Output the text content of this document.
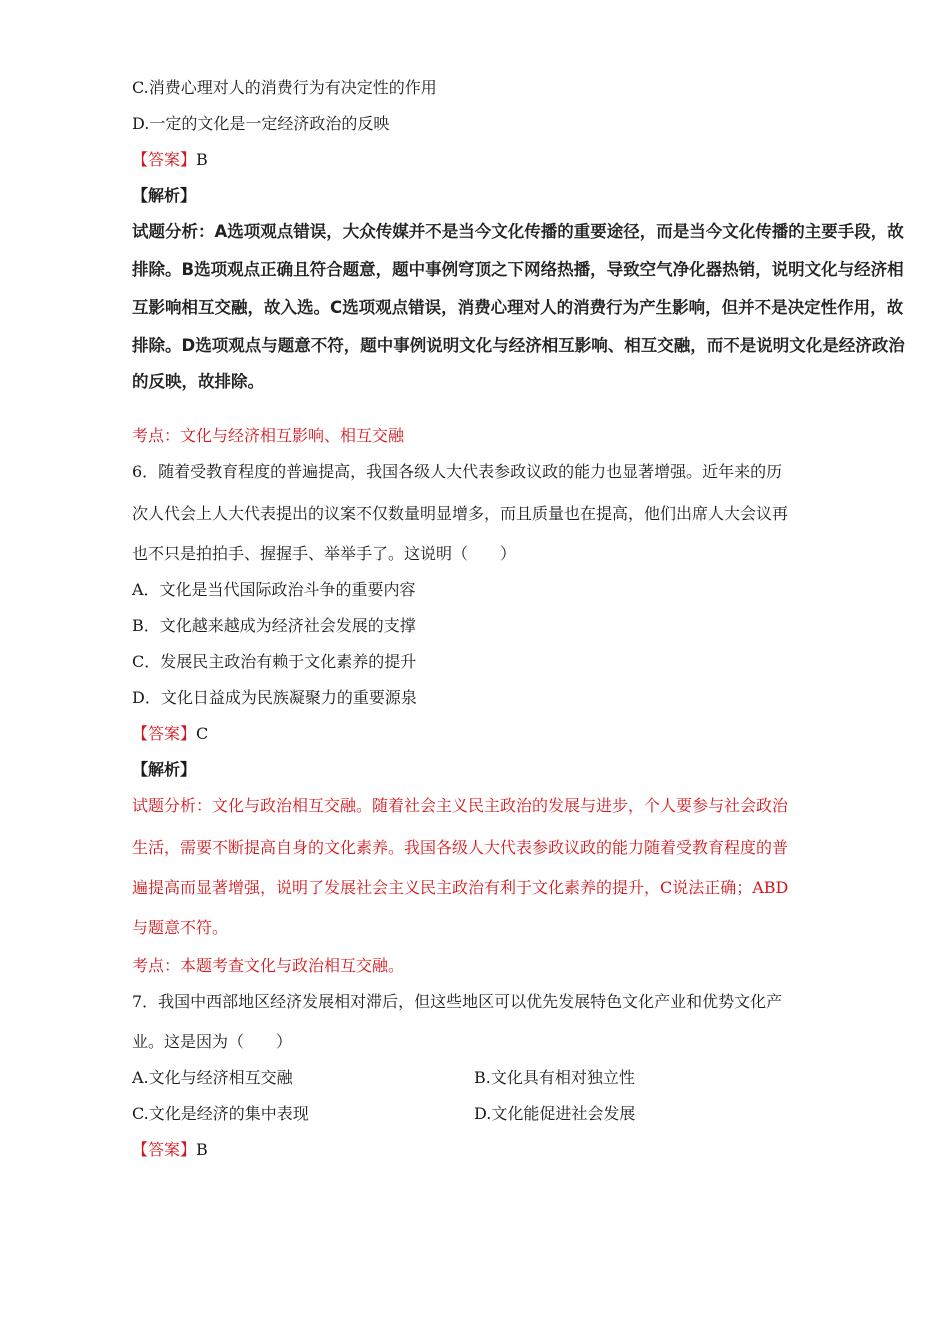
C.消费心理对人的消费行为有决定性的作用
D.一定的文化是一定经济政治的反映
【答案】B
【解析】
试题分析：A选项观点错误，大众传媒并不是当今文化传播的重要途径，而是当今文化传播的主要手段，故
排除。B选项观点正确且符合题意，题中事例穹顶之下网络热播，导致空气净化器热销，说明文化与经济相
互影响相互交融，故入选。C选项观点错误，消费心理对人的消费行为产生影响，但并不是决定性作用，故
排除。D选项观点与题意不符，题中事例说明文化与经济相互影响、相互交融，而不是说明文化是经济政治
的反映，故排除。
考点：文化与经济相互影响、相互交融
6．随着受教育程度的普遍提高，我国各级人大代表参政议政的能力也显著增强。近年来的历
次人代会上人大代表提出的议案不仅数量明显增多，而且质量也在提高，他们出席人大会议再
也不只是拍拍手、握握手、举举手了。这说明（　　）
A．文化是当代国际政治斗争的重要内容
B．文化越来越成为经济社会发展的支撑
C．发展民主政治有赖于文化素养的提升
D．文化日益成为民族凝聚力的重要源泉
【答案】C
【解析】
试题分析：文化与政治相互交融。随着社会主义民主政治的发展与进步，个人要参与社会政治
生活，需要不断提高自身的文化素养。我国各级人大代表参政议政的能力随着受教育程度的普
遍提高而显著增强，说明了发展社会主义民主政治有利于文化素养的提升，C说法正确；ABD
与题意不符。
考点：本题考查文化与政治相互交融。
7．我国中西部地区经济发展相对滞后，但这些地区可以优先发展特色文化产业和优势文化产
业。这是因为（　　）
A.文化与经济相互交融	B.文化具有相对独立性
C.文化是经济的集中表现	D.文化能促进社会发展
【答案】B
